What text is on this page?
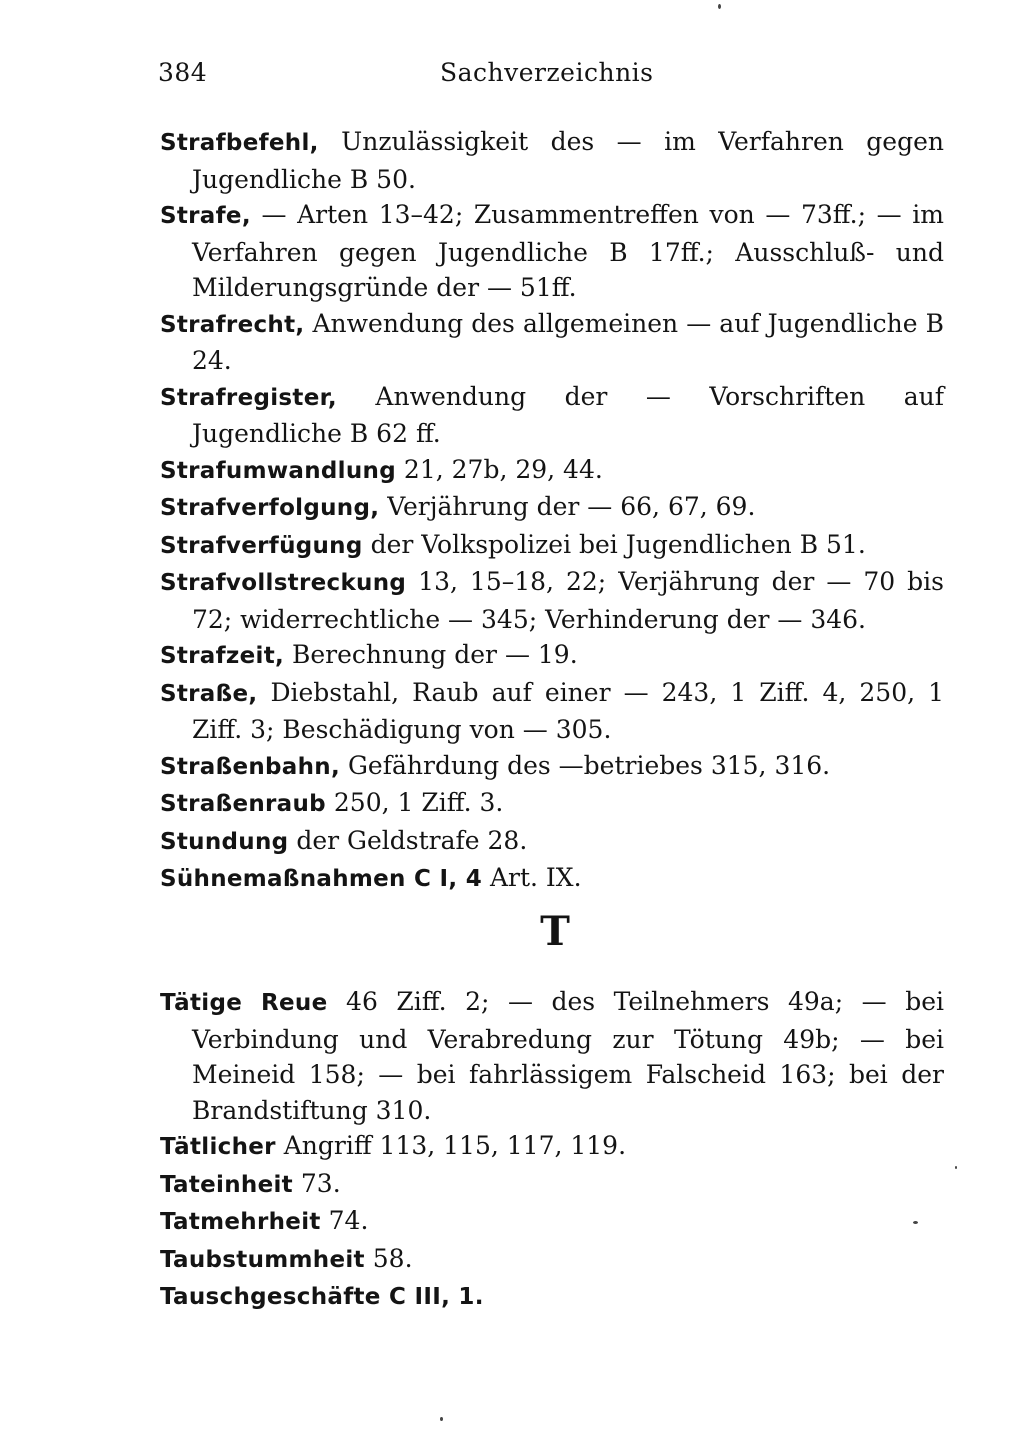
384	Sachverzeichnis
Strafbefehl, Unzulässigkeit des — im Verfahren gegen Jugendliche B 50.
Strafe, — Arten 13–42; Zusammentreffen von — 73ff.; — im Verfahren gegen Jugendliche B 17ff.; Ausschluß- und Milderungsgründe der — 51ff.
Strafrecht, Anwendung des allgemeinen — auf Jugendliche B 24.
Strafregister, Anwendung der — Vorschriften auf Jugendliche B 62 ff.
Strafumwandlung 21, 27b, 29, 44.
Strafverfolgung, Verjährung der — 66, 67, 69.
Strafverfügung der Volkspolizei bei Jugendlichen B 51.
Strafvollstreckung 13, 15–18, 22; Verjährung der — 70 bis 72; widerrechtliche — 345; Verhinderung der — 346.
Strafzeit, Berechnung der — 19.
Straße, Diebstahl, Raub auf einer — 243, 1 Ziff. 4, 250, 1 Ziff. 3; Beschädigung von — 305.
Straßenbahn, Gefährdung des —betriebes 315, 316.
Straßenraub 250, 1 Ziff. 3.
Stundung der Geldstrafe 28.
Sühnemaßnahmen C I, 4 Art. IX.
T
Tätige Reue 46 Ziff. 2; — des Teilnehmers 49a; — bei Verbindung und Verabredung zur Tötung 49b; — bei Meineid 158; — bei fahrlässigem Falscheid 163; bei der Brandstiftung 310.
Tätlicher Angriff 113, 115, 117, 119.
Tateinheit 73.
Tatmehrheit 74.
Taubstummheit 58.
Tauschgeschäfte C III, 1.
